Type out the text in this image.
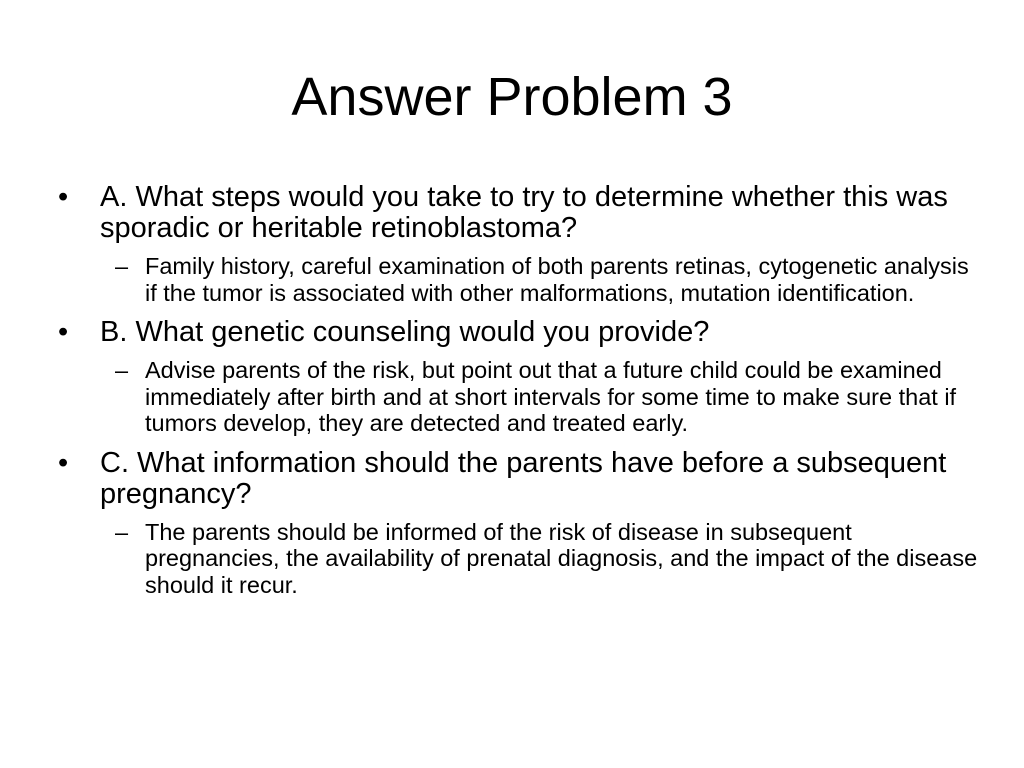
Answer Problem 3
• A. What steps would you take to try to determine whether this was sporadic or heritable retinoblastoma?
– Family history, careful examination of both parents retinas, cytogenetic analysis if the tumor is associated with other malformations, mutation identification.
• B. What genetic counseling would you provide?
– Advise parents of the risk, but point out that a future child could be examined immediately after birth and at short intervals for some time to make sure that if tumors develop, they are detected and treated early.
• C. What information should the parents have before a subsequent pregnancy?
– The parents should be informed of the risk of disease in subsequent pregnancies, the availability of prenatal diagnosis, and the impact of the disease should it recur.
